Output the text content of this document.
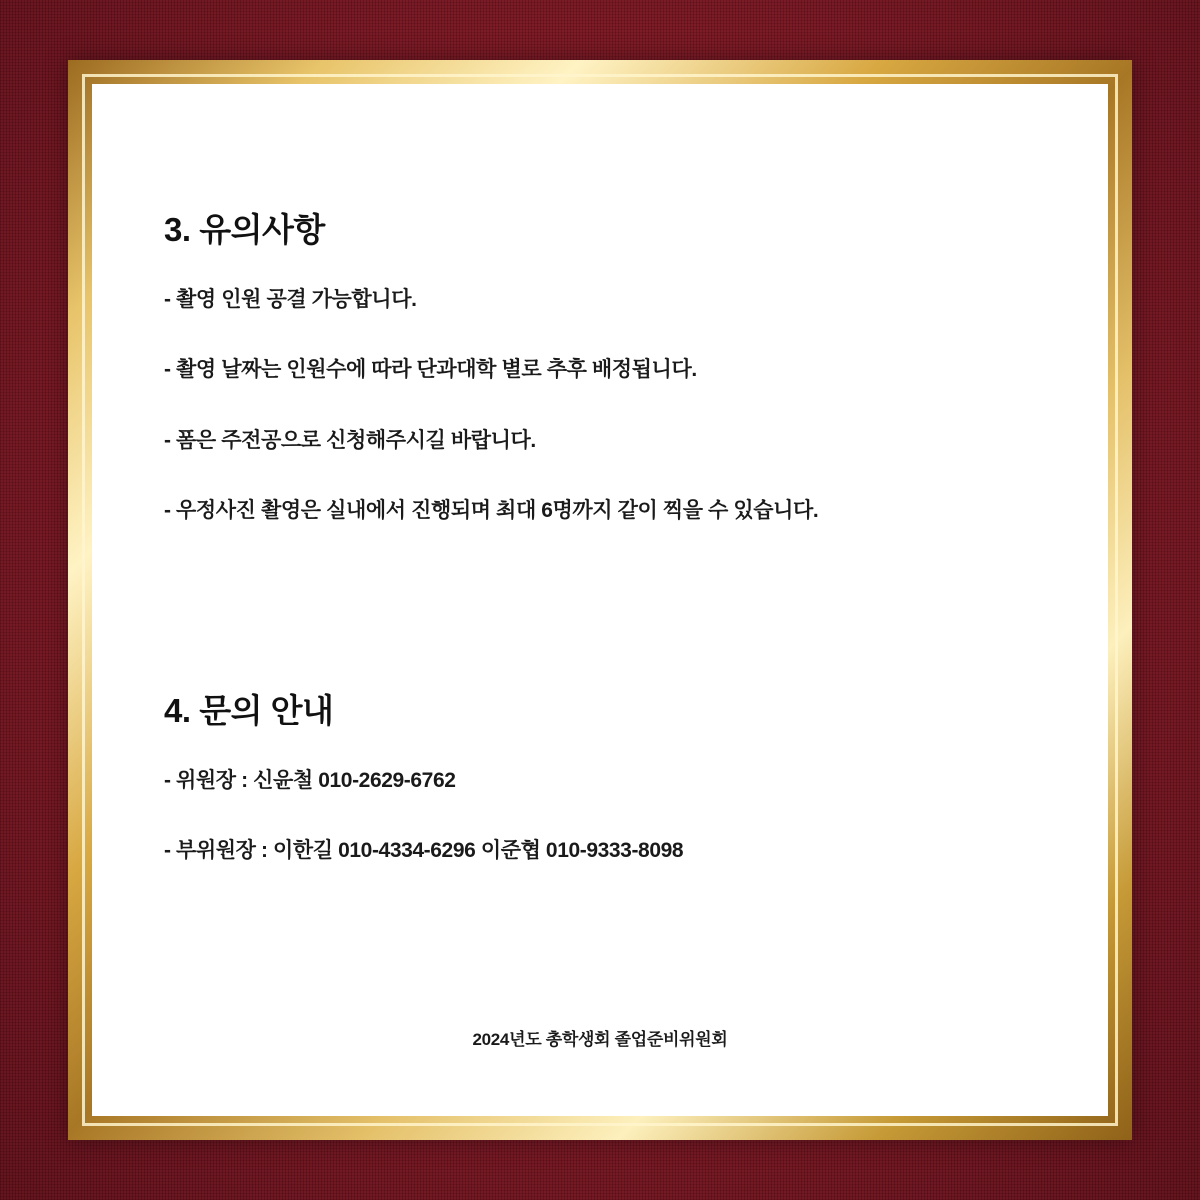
3. 유의사항

- 촬영 인원 공결 가능합니다.

- 촬영 날짜는 인원수에 따라 단과대학 별로 추후 배정됩니다.

- 폼은 주전공으로 신청해주시길 바랍니다.

- 우정사진 촬영은 실내에서 진행되며 최대 6명까지 같이 찍을 수 있습니다.

4. 문의 안내

- 위원장 : 신윤철 010-2629-6762

- 부위원장 : 이한길 010-4334-6296 이준협 010-9333-8098

2024년도 총학생회 졸업준비위원회
